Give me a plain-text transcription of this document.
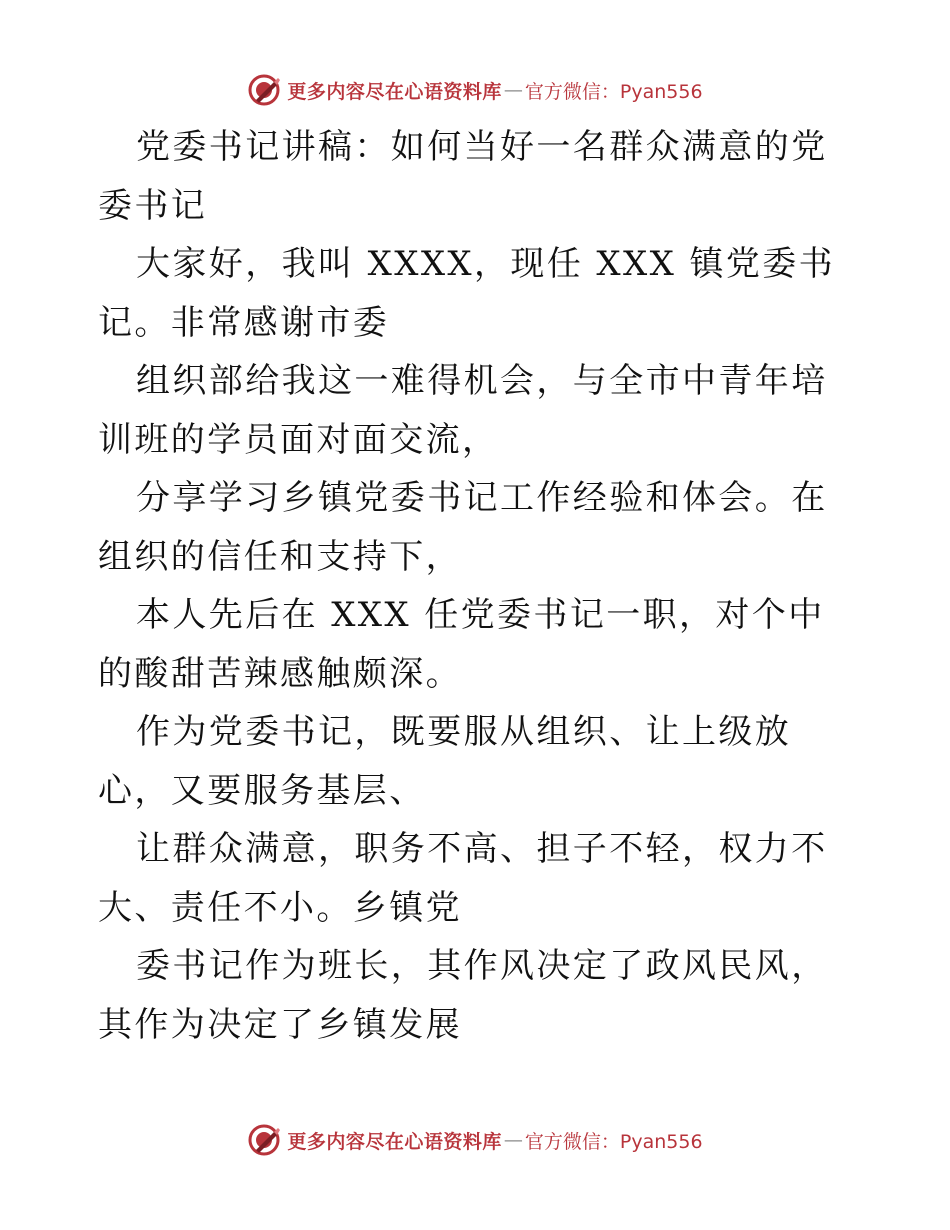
更多内容尽在心语资料库 — 官方微信：Pyan556

党委书记讲稿：如何当好一名群众满意的党委书记

大家好，我叫 XXXX，现任 XXX 镇党委书记。非常感谢市委

组织部给我这一难得机会，与全市中青年培训班的学员面对面交流，

分享学习乡镇党委书记工作经验和体会。在组织的信任和支持下，

本人先后在 XXX 任党委书记一职，对个中的酸甜苦辣感触颇深。

作为党委书记，既要服从组织、让上级放心，又要服务基层、

让群众满意，职务不高、担子不轻，权力不大、责任不小。乡镇党

委书记作为班长，其作风决定了政风民风，其作为决定了乡镇发展

更多内容尽在心语资料库 — 官方微信：Pyan556
